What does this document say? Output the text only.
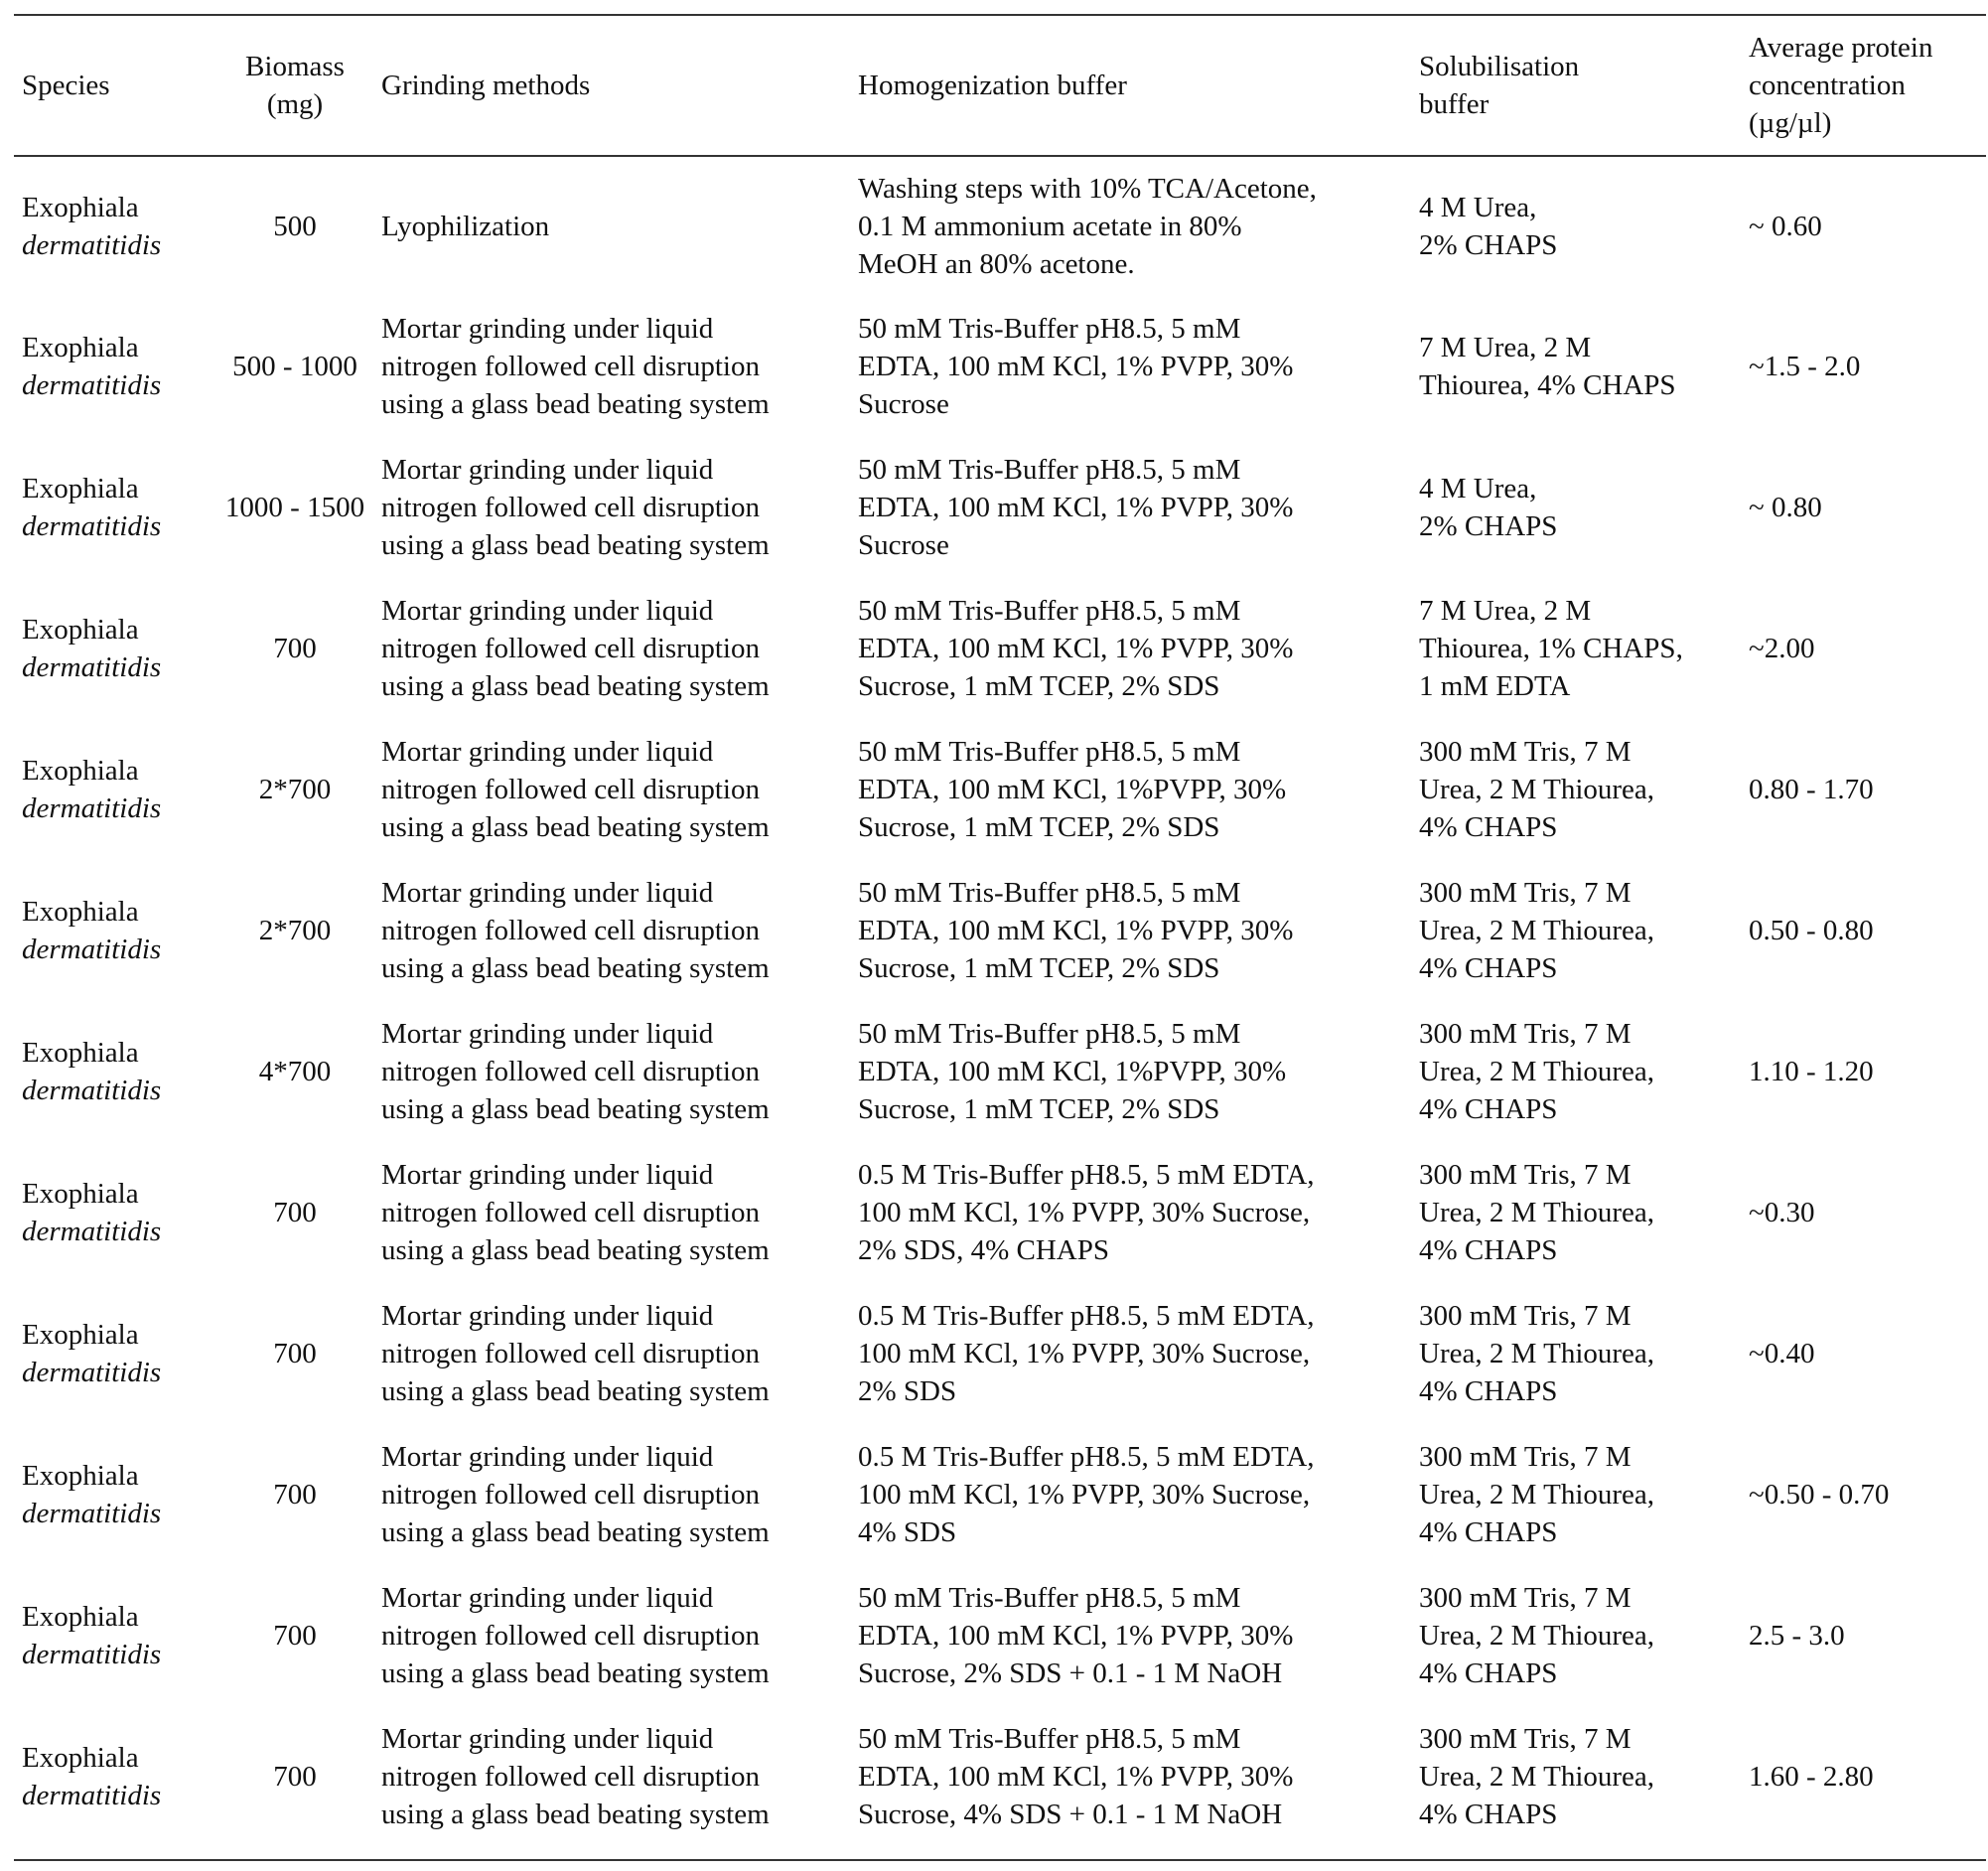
Species
Biomass
(mg)
Grinding methods	Homogenization buffer
Solubilisation
buffer
Average protein
concentration
(µg/µl)
Exophiala
dermatitidis
500 Lyophilization
Washing steps with 10% TCA/Acetone,
0.1 M ammonium acetate in 80%
MeOH an 80% acetone.
4 M Urea,
2% CHAPS
~ 0.60
Exophiala
dermatitidis
500 - 1000
Mortar grinding under liquid
nitrogen followed cell disruption
using a glass bead beating system
50 mM Tris-Buffer pH8.5, 5 mM
EDTA, 100 mM KCl, 1% PVPP, 30%
Sucrose
7 M Urea, 2 M
Thiourea, 4% CHAPS
~1.5 - 2.0
Exophiala
dermatitidis
1000 - 1500
Mortar grinding under liquid
nitrogen followed cell disruption
using a glass bead beating system
50 mM Tris-Buffer pH8.5, 5 mM
EDTA, 100 mM KCl, 1% PVPP, 30%
Sucrose
4 M Urea,
2% CHAPS
~ 0.80
Exophiala
dermatitidis
700
Mortar grinding under liquid
nitrogen followed cell disruption
using a glass bead beating system
50 mM Tris-Buffer pH8.5, 5 mM
EDTA, 100 mM KCl, 1% PVPP, 30%
Sucrose, 1 mM TCEP, 2% SDS
7 M Urea, 2 M
Thiourea, 1% CHAPS,
1 mM EDTA
~2.00
Exophiala
dermatitidis
2*700
Mortar grinding under liquid
nitrogen followed cell disruption
using a glass bead beating system
50 mM Tris-Buffer pH8.5, 5 mM
EDTA, 100 mM KCl, 1%PVPP, 30%
Sucrose, 1 mM TCEP, 2% SDS
300 mM Tris, 7 M
Urea, 2 M Thiourea,
4% CHAPS
0.80 - 1.70
Exophiala
dermatitidis
2*700
Mortar grinding under liquid
nitrogen followed cell disruption
using a glass bead beating system
50 mM Tris-Buffer pH8.5, 5 mM
EDTA, 100 mM KCl, 1% PVPP, 30%
Sucrose, 1 mM TCEP, 2% SDS
300 mM Tris, 7 M
Urea, 2 M Thiourea,
4% CHAPS
0.50 - 0.80
Exophiala
dermatitidis
4*700
Mortar grinding under liquid
nitrogen followed cell disruption
using a glass bead beating system
50 mM Tris-Buffer pH8.5, 5 mM
EDTA, 100 mM KCl, 1%PVPP, 30%
Sucrose, 1 mM TCEP, 2% SDS
300 mM Tris, 7 M
Urea, 2 M Thiourea,
4% CHAPS
1.10 - 1.20
Exophiala
dermatitidis
700
Mortar grinding under liquid
nitrogen followed cell disruption
using a glass bead beating system
0.5 M Tris-Buffer pH8.5, 5 mM EDTA,
100 mM KCl, 1% PVPP, 30% Sucrose,
2% SDS, 4% CHAPS
300 mM Tris, 7 M
Urea, 2 M Thiourea,
4% CHAPS
~0.30
Exophiala
dermatitidis
700
Mortar grinding under liquid
nitrogen followed cell disruption
using a glass bead beating system
0.5 M Tris-Buffer pH8.5, 5 mM EDTA,
100 mM KCl, 1% PVPP, 30% Sucrose,
2% SDS
300 mM Tris, 7 M
Urea, 2 M Thiourea,
4% CHAPS
~0.40
Exophiala
dermatitidis
700
Mortar grinding under liquid
nitrogen followed cell disruption
using a glass bead beating system
0.5 M Tris-Buffer pH8.5, 5 mM EDTA,
100 mM KCl, 1% PVPP, 30% Sucrose,
4% SDS
300 mM Tris, 7 M
Urea, 2 M Thiourea,
4% CHAPS
~0.50 - 0.70
Exophiala
dermatitidis
700
Mortar grinding under liquid
nitrogen followed cell disruption
using a glass bead beating system
50 mM Tris-Buffer pH8.5, 5 mM
EDTA, 100 mM KCl, 1% PVPP, 30%
Sucrose, 2% SDS + 0.1 - 1 M NaOH
300 mM Tris, 7 M
Urea, 2 M Thiourea,
4% CHAPS
2.5 - 3.0
Exophiala
dermatitidis
700
Mortar grinding under liquid
nitrogen followed cell disruption
using a glass bead beating system
50 mM Tris-Buffer pH8.5, 5 mM
EDTA, 100 mM KCl, 1% PVPP, 30%
Sucrose, 4% SDS + 0.1 - 1 M NaOH
300 mM Tris, 7 M
Urea, 2 M Thiourea,
4% CHAPS
1.60 - 2.80
